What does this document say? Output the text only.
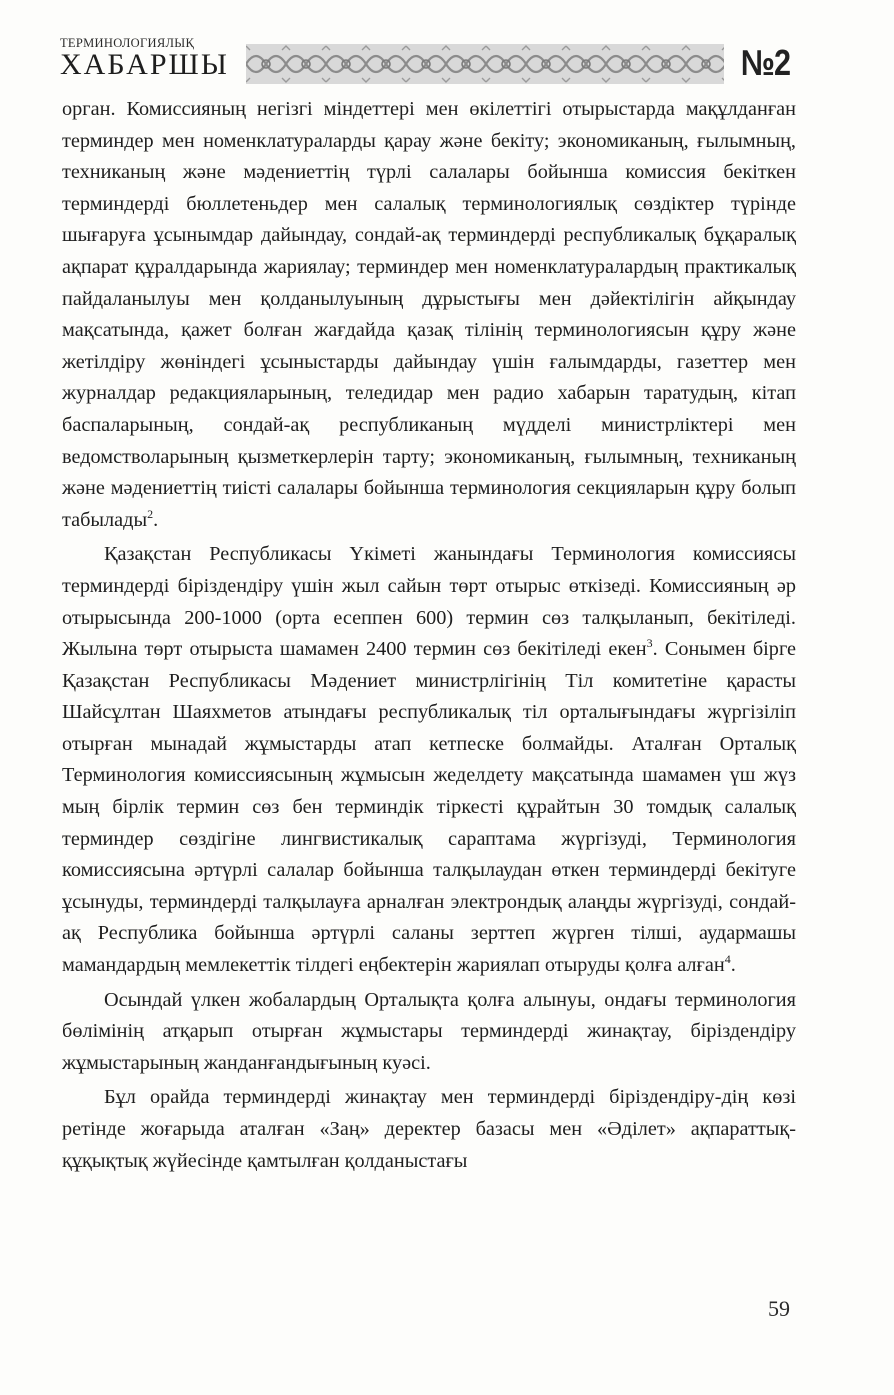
ТЕРМИНОЛОГИЯЛЫҚ
ХАБАРШЫ	№2

орган. Комиссияның негізгі міндеттері мен өкілеттігі отырыстарда мақұлданған терминдер мен номенклатураларды қарау және бекіту; экономиканың, ғылымның, техниканың және мәдениеттің түрлі салалары бойынша комиссия бекіткен терминдерді бюллетеньдер мен салалық терминологиялық сөздіктер түрінде шығаруға ұсынымдар дайындау, сондай-ақ терминдерді республикалық бұқаралық ақпарат құралдарында жариялау; терминдер мен номенклатуралардың практикалық пайдаланылуы мен қолданылуының дұрыстығы мен дәйектілігін айқындау мақсатында, қажет болған жағдайда қазақ тілінің терминологиясын құру және жетілдіру жөніндегі ұсыныстарды дайындау үшін ғалымдарды, газеттер мен журналдар редакцияларының, теледидар мен радио хабарын таратудың, кітап баспаларының, сондай-ақ республиканың мүдделі министрліктері мен ведомстволарының қызметкерлерін тарту; экономиканың, ғылымның, техниканың және мәдениеттің тиісті салалары бойынша терминология секцияларын құру болып табылады$^2$.

Қазақстан Республикасы Үкіметі жанындағы Терминология комиссиясы терминдерді біріздендіру үшін жыл сайын төрт отырыс өткізеді. Комиссияның әр отырысында 200-1000 (орта есеппен 600) термин сөз талқыланып, бекітіледі. Жылына төрт отырыста шамамен 2400 термин сөз бекітіледі екен$^3$. Сонымен бірге Қазақстан Республикасы Мәдениет министрлігінің Тіл комитетіне қарасты Шайсұлтан Шаяхметов атындағы республикалық тіл орталығындағы жүргізіліп отырған мынадай жұмыстарды атап кетпеске болмайды. Аталған Орталық Терминология комиссиясының жұмысын жеделдету мақсатында шамамен үш жүз мың бірлік термин сөз бен терминдік тіркесті құрайтын 30 томдық салалық терминдер сөздігіне лингвистикалық сараптама жүргізуді, Терминология комиссиясына әртүрлі салалар бойынша талқылаудан өткен терминдерді бекітуге ұсынуды, терминдерді талқылауға арналған электрондық алаңды жүргізуді, сондай-ақ Республика бойынша әртүрлі саланы зерттеп жүрген тілші, аудармашы мамандардың мемлекеттік тілдегі еңбектерін жариялап отыруды қолға алған$^4$.

Осындай үлкен жобалардың Орталықта қолға алынуы, ондағы терминология бөлімінің атқарып отырған жұмыстары терминдерді жинақтау, біріздендіру жұмыстарының жанданғандығының куәсі.

Бұл орайда терминдерді жинақтау мен терминдерді біріздендіру-дің көзі ретінде жоғарыда аталған «Заң» деректер базасы мен «Әділет» ақпараттық-құқықтық жүйесінде қамтылған қолданыстағы

59
